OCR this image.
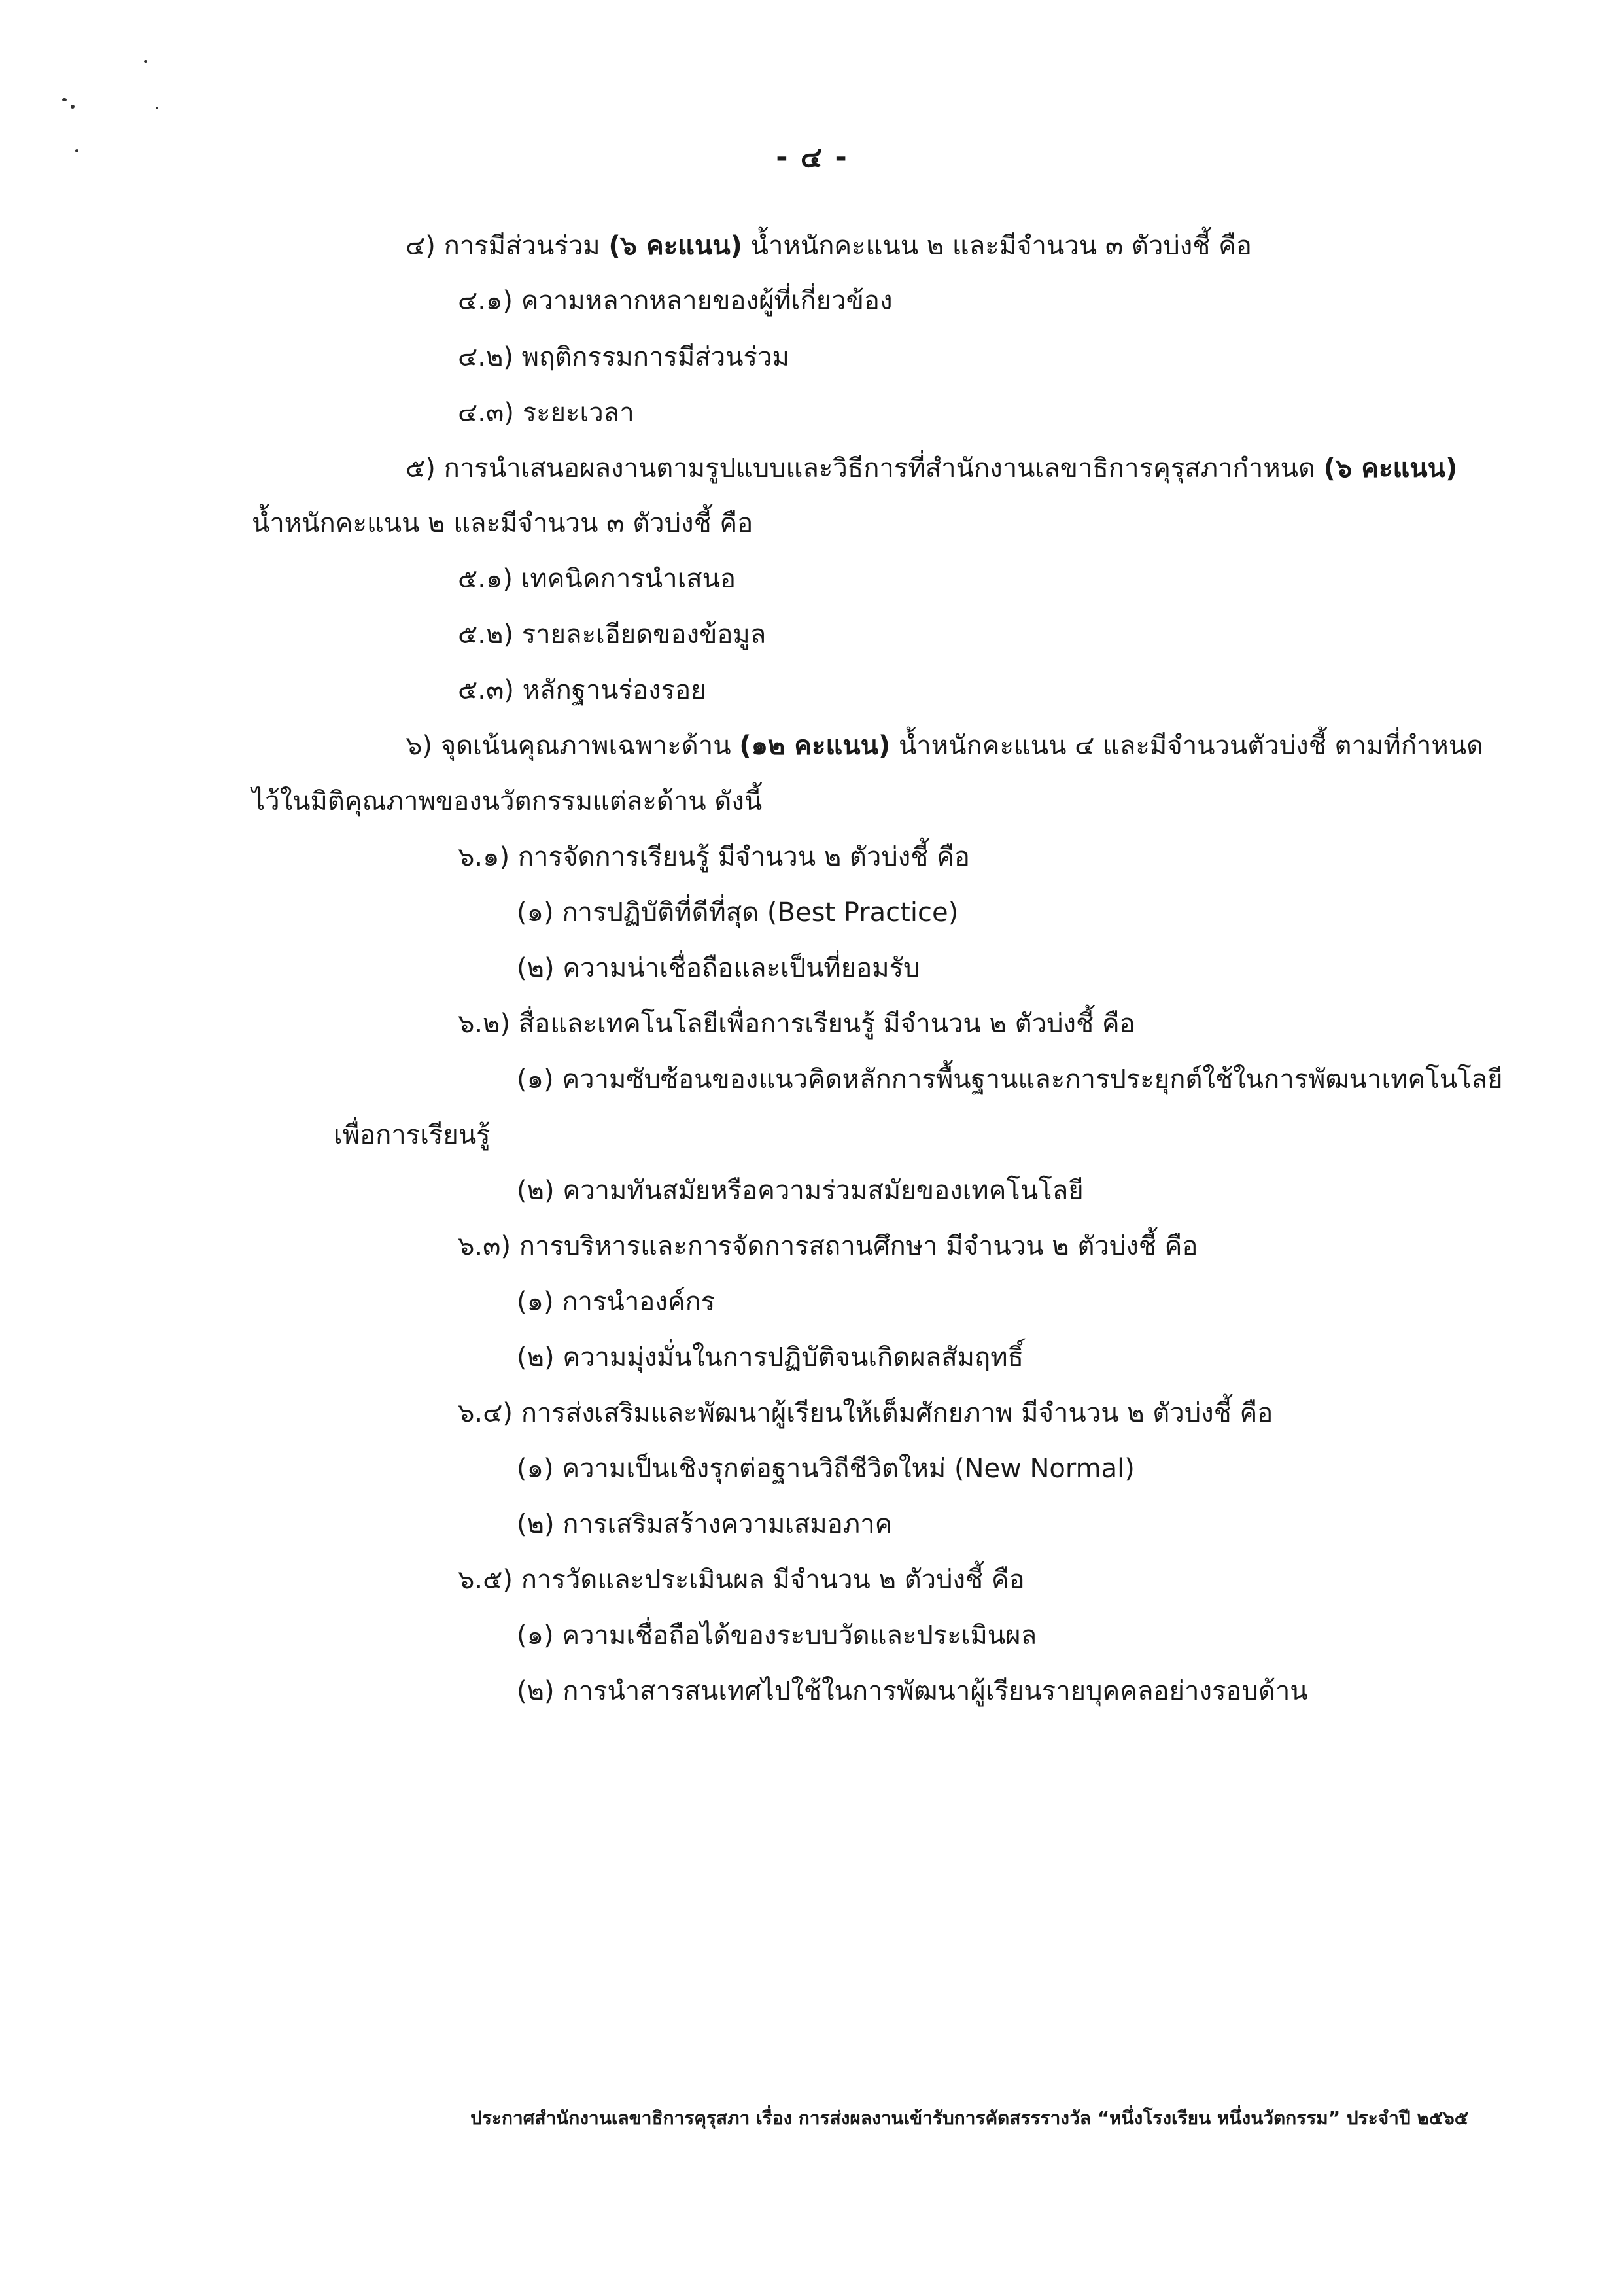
- ๔ -
๔) การมีส่วนร่วม (๖ คะแนน) น้ำหนักคะแนน ๒ และมีจำนวน ๓ ตัวบ่งชี้ คือ
๔.๑) ความหลากหลายของผู้ที่เกี่ยวข้อง
๔.๒) พฤติกรรมการมีส่วนร่วม
๔.๓) ระยะเวลา
๕) การนำเสนอผลงานตามรูปแบบและวิธีการที่สำนักงานเลขาธิการคุรุสภากำหนด (๖ คะแนน)
น้ำหนักคะแนน ๒ และมีจำนวน ๓ ตัวบ่งชี้ คือ
๕.๑) เทคนิคการนำเสนอ
๕.๒) รายละเอียดของข้อมูล
๕.๓) หลักฐานร่องรอย
๖) จุดเน้นคุณภาพเฉพาะด้าน (๑๒ คะแนน) น้ำหนักคะแนน ๔ และมีจำนวนตัวบ่งชี้ ตามที่กำหนด
ไว้ในมิติคุณภาพของนวัตกรรมแต่ละด้าน ดังนี้
๖.๑) การจัดการเรียนรู้ มีจำนวน ๒ ตัวบ่งชี้ คือ
(๑) การปฏิบัติที่ดีที่สุด (Best Practice)
(๒) ความน่าเชื่อถือและเป็นที่ยอมรับ
๖.๒) สื่อและเทคโนโลยีเพื่อการเรียนรู้ มีจำนวน ๒ ตัวบ่งชี้ คือ
(๑) ความซับซ้อนของแนวคิดหลักการพื้นฐานและการประยุกต์ใช้ในการพัฒนาเทคโนโลยี
เพื่อการเรียนรู้
(๒) ความทันสมัยหรือความร่วมสมัยของเทคโนโลยี
๖.๓) การบริหารและการจัดการสถานศึกษา มีจำนวน ๒ ตัวบ่งชี้ คือ
(๑) การนำองค์กร
(๒) ความมุ่งมั่นในการปฏิบัติจนเกิดผลสัมฤทธิ์
๖.๔) การส่งเสริมและพัฒนาผู้เรียนให้เต็มศักยภาพ มีจำนวน ๒ ตัวบ่งชี้ คือ
(๑) ความเป็นเชิงรุกต่อฐานวิถีชีวิตใหม่ (New Normal)
(๒) การเสริมสร้างความเสมอภาค
๖.๕) การวัดและประเมินผล มีจำนวน ๒ ตัวบ่งชี้ คือ
(๑) ความเชื่อถือได้ของระบบวัดและประเมินผล
(๒) การนำสารสนเทศไปใช้ในการพัฒนาผู้เรียนรายบุคคลอย่างรอบด้าน
ประกาศสำนักงานเลขาธิการคุรุสภา เรื่อง การส่งผลงานเข้ารับการคัดสรรรางวัล “หนึ่งโรงเรียน หนึ่งนวัตกรรม” ประจำปี ๒๕๖๕
